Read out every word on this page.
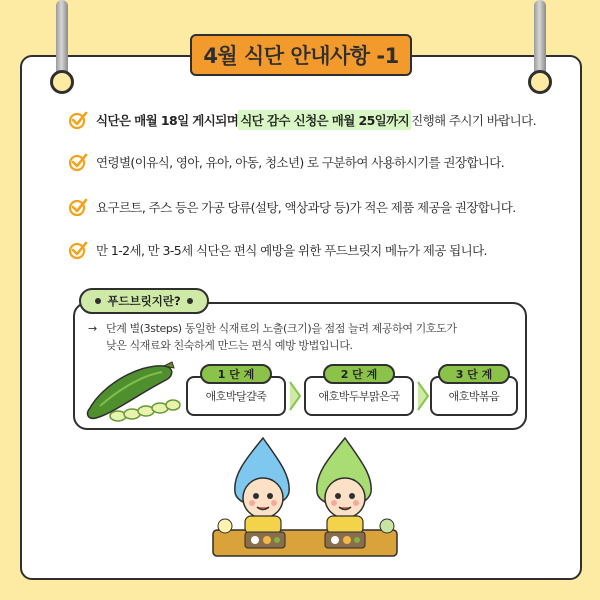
4월 식단 안내사항 -1
식단은 매월 18일 게시되며 식단 감수 신청은 매월 25일까지 진행해 주시기 바랍니다.
연령별(이유식, 영아, 유아, 아동, 청소년) 로 구분하여 사용하시기를 권장합니다.
요구르트, 주스 등은 가공 당류(설탕, 액상과당 등)가 적은 제품 제공을 권장합니다.
만 1-2세, 만 3-5세 식단은 편식 예방을 위한 푸드브릿지 메뉴가 제공 됩니다.
푸드브릿지란?
→ 단계 별(3steps) 동일한 식재료의 노출(크기)을 점점 늘려 제공하여 기호도가
낮은 식재료와 친숙하게 만드는 편식 예방 방법입니다.
애호박달걀죽
1 단 계
애호박두부맑은국
2 단 계
애호박볶음
3 단 계
